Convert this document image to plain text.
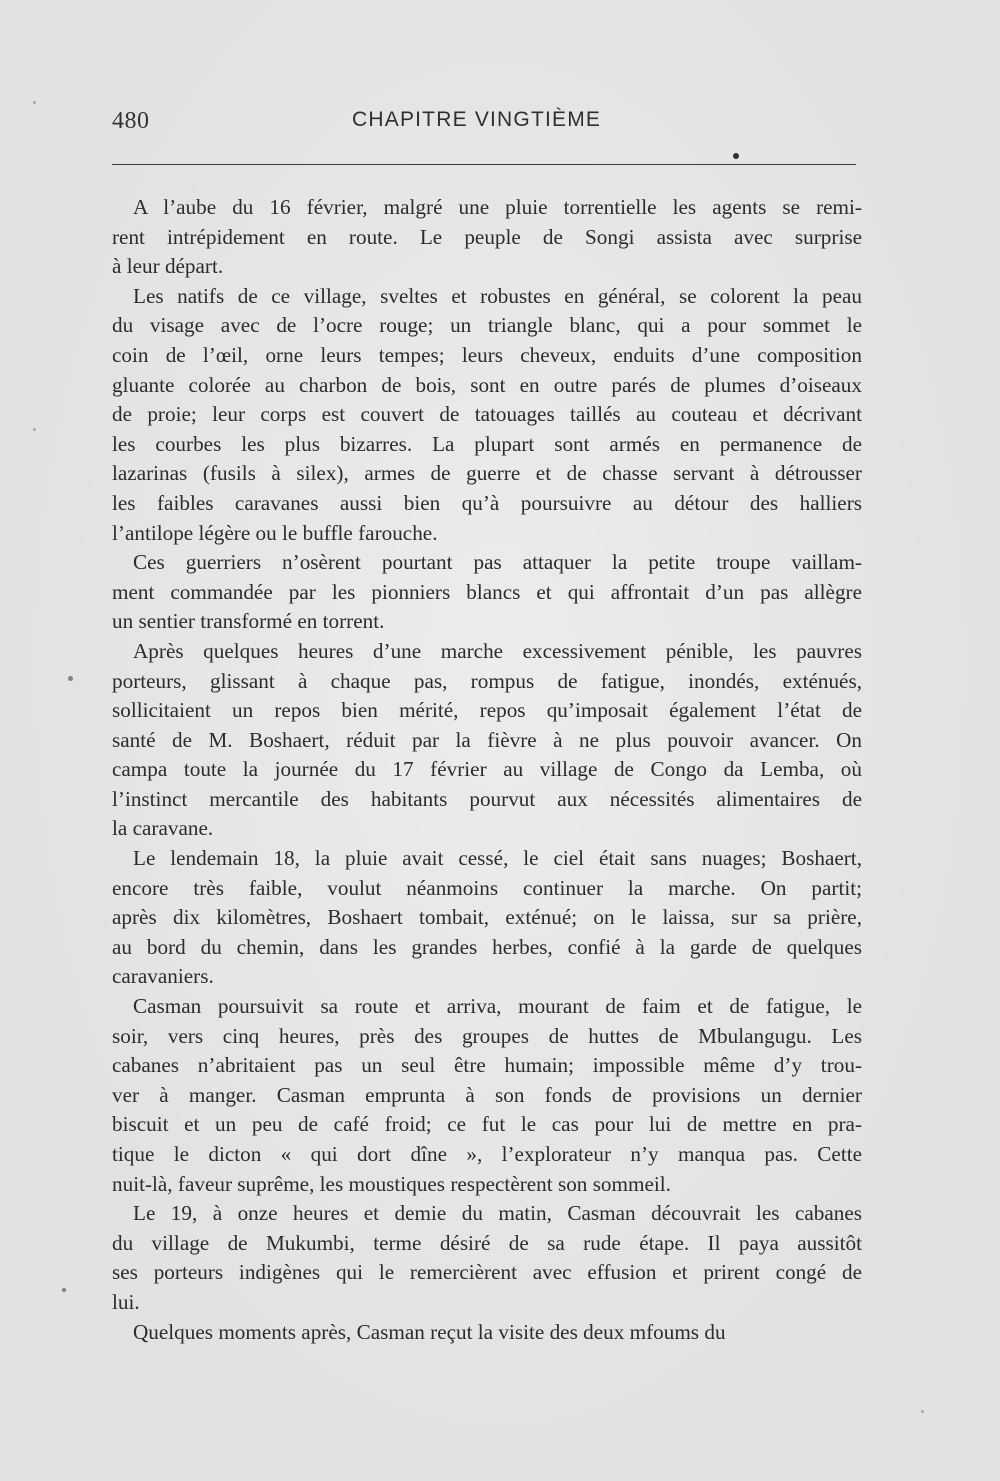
480	CHAPITRE VINGTIÈME

A l’aube du 16 février, malgré une pluie torrentielle les agents se remi-
rent intrépidement en route. Le peuple de Songi assista avec surprise
à leur départ.

Les natifs de ce village, sveltes et robustes en général, se colorent la peau
du visage avec de l’ocre rouge; un triangle blanc, qui a pour sommet le
coin de l’œil, orne leurs tempes; leurs cheveux, enduits d’une composition
gluante colorée au charbon de bois, sont en outre parés de plumes d’oiseaux
de proie; leur corps est couvert de tatouages taillés au couteau et décrivant
les courbes les plus bizarres. La plupart sont armés en permanence de
lazarinas (fusils à silex), armes de guerre et de chasse servant à détrousser
les faibles caravanes aussi bien qu’à poursuivre au détour des halliers
l’antilope légère ou le buffle farouche.

Ces guerriers n’osèrent pourtant pas attaquer la petite troupe vaillam-
ment commandée par les pionniers blancs et qui affrontait d’un pas allègre
un sentier transformé en torrent.

Après quelques heures d’une marche excessivement pénible, les pauvres
porteurs, glissant à chaque pas, rompus de fatigue, inondés, exténués,
sollicitaient un repos bien mérité, repos qu’imposait également l’état de
santé de M. Boshaert, réduit par la fièvre à ne plus pouvoir avancer. On
campa toute la journée du 17 février au village de Congo da Lemba, où
l’instinct mercantile des habitants pourvut aux nécessités alimentaires de
la caravane.

Le lendemain 18, la pluie avait cessé, le ciel était sans nuages; Boshaert,
encore très faible, voulut néanmoins continuer la marche. On partit;
après dix kilomètres, Boshaert tombait, exténué; on le laissa, sur sa prière,
au bord du chemin, dans les grandes herbes, confié à la garde de quelques
caravaniers.

Casman poursuivit sa route et arriva, mourant de faim et de fatigue, le
soir, vers cinq heures, près des groupes de huttes de Mbulangugu. Les
cabanes n’abritaient pas un seul être humain; impossible même d’y trou-
ver à manger. Casman emprunta à son fonds de provisions un dernier
biscuit et un peu de café froid; ce fut le cas pour lui de mettre en pra-
tique le dicton « qui dort dîne », l’explorateur n’y manqua pas. Cette
nuit-là, faveur suprême, les moustiques respectèrent son sommeil.

Le 19, à onze heures et demie du matin, Casman découvrait les cabanes
du village de Mukumbi, terme désiré de sa rude étape. Il paya aussitôt
ses porteurs indigènes qui le remercièrent avec effusion et prirent congé de
lui.

Quelques moments après, Casman reçut la visite des deux mfoums du
